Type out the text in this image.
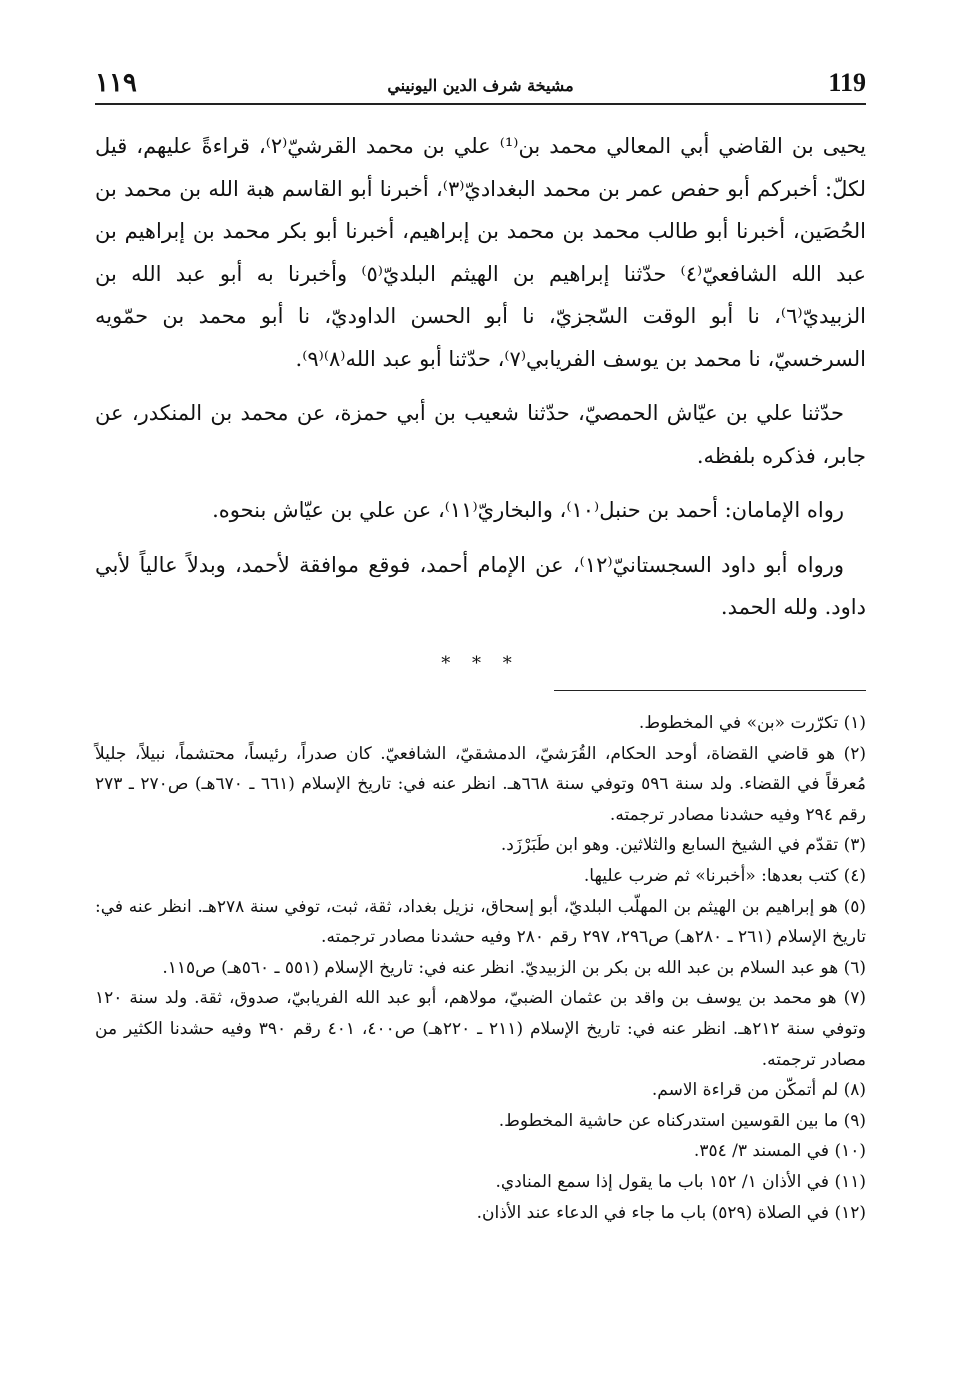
119
مشيخة شرف الدين اليونيني
١١٩

يحيى بن القاضي أبي المعالي محمد بن⁽¹⁾ علي بن محمد القرشيّ⁽٢⁾، قراءةً عليهم، قيل لكلّ: أخبركم أبو حفص عمر بن محمد البغداديّ⁽٣⁾، أخبرنا أبو القاسم هبة الله بن محمد بن الحُصَين، أخبرنا أبو طالب محمد بن محمد بن إبراهيم، أخبرنا أبو بكر محمد بن إبراهيم بن عبد الله الشافعيّ⁽٤⁾ حدّثنا إبراهيم بن الهيثم البلديّ⁽٥⁾ وأخبرنا به أبو عبد الله بن الزبيديّ⁽٦⁾، نا أبو الوقت السّجزيّ، نا أبو الحسن الداوديّ، نا أبو محمد بن حمّويه السرخسيّ، نا محمد بن يوسف الفريابي⁽٧⁾، حدّثنا أبو عبد الله⁽٨⁾⁽٩⁾.

حدّثنا علي بن عيّاش الحمصيّ، حدّثنا شعيب بن أبي حمزة، عن محمد بن المنكدر، عن جابر، فذكره بلفظه.

رواه الإمامان: أحمد بن حنبل⁽١٠⁾، والبخاريّ⁽١١⁾، عن علي بن عيّاش بنحوه.

ورواه أبو داود السجستانيّ⁽١٢⁾، عن الإمام أحمد، فوقع موافقة لأحمد، وبدلاً عالياً لأبي داود. ولله الحمد.

* * *
(١) تكرّرت «بن» في المخطوط.
(٢) هو قاضي القضاة، أوحد الحكام، القُرَشيّ، الدمشقيّ، الشافعيّ. كان صدراً، رئيساً، محتشماً، نبيلاً، جليلاً مُعرقاً في القضاء. ولد سنة ٥٩٦ وتوفي سنة ٦٦٨هـ. انظر عنه في: تاريخ الإسلام (٦٦١ ـ ٦٧٠هـ) ص٢٧٠ ـ ٢٧٣ رقم ٢٩٤ وفيه حشدنا مصادر ترجمته.
(٣) تقدّم في الشيخ السابع والثلاثين. وهو ابن طَبَرْزَد.
(٤) كتب بعدها: «أخبرنا» ثم ضرب عليها.
(٥) هو إبراهيم بن الهيثم بن المهلّب البلديّ، أبو إسحاق، نزيل بغداد، ثقة، ثبت، توفي سنة ٢٧٨هـ. انظر عنه في: تاريخ الإسلام (٢٦١ ـ ٢٨٠هـ) ص٢٩٦، ٢٩٧ رقم ٢٨٠ وفيه حشدنا مصادر ترجمته.
(٦) هو عبد السلام بن عبد الله بن بكر بن الزبيديّ. انظر عنه في: تاريخ الإسلام (٥٥١ ـ ٥٦٠هـ) ص١١٥.
(٧) هو محمد بن يوسف بن واقد بن عثمان الضبيّ، مولاهم، أبو عبد الله الفريابيّ، صدوق، ثقة. ولد سنة ١٢٠ وتوفي سنة ٢١٢هـ. انظر عنه في: تاريخ الإسلام (٢١١ ـ ٢٢٠هـ) ص٤٠٠، ٤٠١ رقم ٣٩٠ وفيه حشدنا الكثير من مصادر ترجمته.
(٨) لم أتمكّن من قراءة الاسم.
(٩) ما بين القوسين استدركناه عن حاشية المخطوط.
(١٠) في المسند ٣/ ٣٥٤.
(١١) في الأذان ١/ ١٥٢ باب ما يقول إذا سمع المنادي.
(١٢) في الصلاة (٥٢٩) باب ما جاء في الدعاء عند الأذان.
